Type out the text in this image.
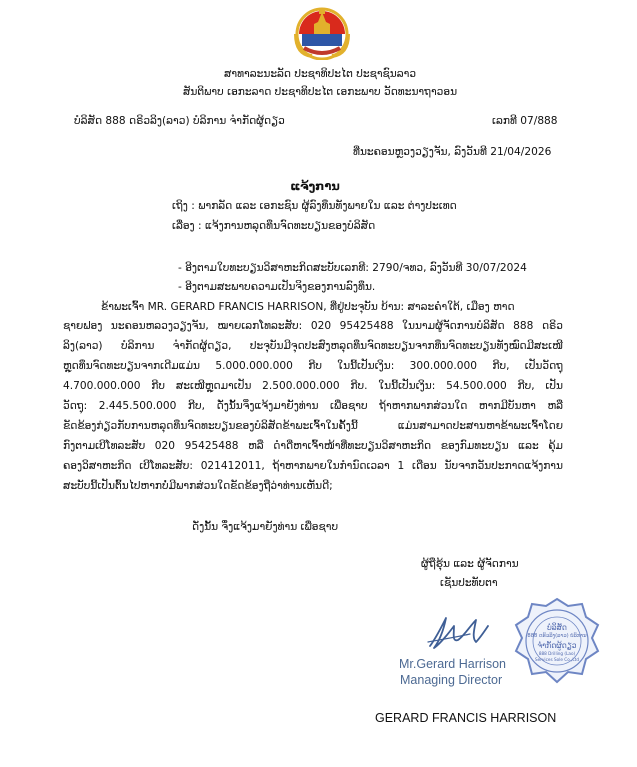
ສາທາລະນະລັດ ປະຊາທິປະໄຕ ປະຊາຊົນລາວ
ສັນຕິພາບ ເອກະລາດ ປະຊາທິປະໄຕ ເອກະພາບ ວັດທະນາຖາວອນ
ບໍລິສັດ 888 ດຣິວລິງ(ລາວ) ບໍລິການ ຈຳກັດຜູ້ດຽວ	ເລກທີ 07/888
ທີ່ນະຄອນຫຼວງວຽງຈັນ, ລົງວັນທີ 21/04/2026
ແຈ້ງການ
ເຖິງ : ພາກລັດ ແລະ ເອກະຊົນ ຜູ້ລົງທຶນທັງພາຍໃນ ແລະ ຕ່າງປະເທດ
ເລື່ອງ : ແຈ້ງການຫລຸດທຶນຈົດທະບຽນຂອງບໍລິສັດ
- ອີງຕາມໃບທະບຽນວິສາຫະກິດສະບັບເລກທີ: 2790/ຈທວ, ລົງວັນທີ 30/07/2024
- ອີງຕາມສະພາບຄວາມເປັນຈິງຂອງການລົງທຶນ.
ຂ້າພະເຈົ້າ MR. GERARD FRANCIS HARRISON, ທີ່ຢູ່ປະຈຸບັນ ບ້ານ: ສາລະຄຳໃຕ້, ເມືອງ ຫາດ
ຊາຍຟອງ ນະຄອນຫລວງວຽງຈັນ, ໝາຍເລກໂທລະສັບ: 020 95425488 ໃນນາມຜູ້ຈັດການບໍລິສັດ 888 ດຣິວ
ລິງ(ລາວ) ບໍລິການ ຈຳກັດຜູ້ດຽວ, ປະຈຸບັນມີຈຸດປະສົງຫລຸດທຶນຈົດທະບຽນຈາກທຶນຈົດທະບຽນທັງໝົດມີສະເໜີ
ຫຼຸດທຶນຈົດທະບຽນຈາກເດີມແມ່ນ 5.000.000.000 ກີບ ໃນນີ້ເປັນເງິນ: 300.000.000 ກີບ, ເປັນວັດຖຸ
4.700.000.000 ກີບ ສະເໜີຫຼຸດມາເປັນ 2.500.000.000 ກີບ. ໃນນີ້ເປັນເງິນ: 54.500.000 ກີບ, ເປັນ
ວັດຖຸ: 2.445.500.000 ກີບ, ດັ່ງນັ້ນຈິ່ງແຈ້ງມາຍັງທ່ານ ເພື່ອຊາບ ຖ້າຫາກພາກສ່ວນໃດ ຫາກມີບັນຫາ ຫລື
ຂັດຂ້ອງກ່ຽວກັບການຫລຸດທຶນຈົດທະບຽນຂອງບໍລິສັດຂ້າພະເຈົ້າໃນຄັ້ງນີ້ ແມ່ນສາມາດປະສານຫາຂ້າພະເຈົ້າໂດຍ
ກົງຕາມເບີໂທລະສັບ 020 95425488 ຫລື ດຳດີ່ຫາເຈົ້າໜ້າທີ່ທະບຽນວິສາຫະກິດ ຂອງກົມທະບຽນ ແລະ ຄຸ້ມ
ຄອງວິສາຫະກິດ ເບີໂທລະສັບ: 021412011, ຖ້າຫາກພາຍໃນກຳນົດເວລາ 1 ເດືອນ ນັບຈາກວັນປະກາດແຈ້ງການ
ສະບັບນີ້ເປັນຕົ້ນໄປຫາກບໍ່ມີພາກສ່ວນໃດຂັດຂ້ອງຖືວ່າທ່ານເຫັນດີ;
ດັ່ງນັ້ນ ຈຶ່ງແຈ້ງມາຍັງທ່ານ ເພື່ອຊາບ
ຜູ້ຖືຮຸ້ນ ແລະ ຜູ້ຈັດການ
ເຊັນປະທັບຕາ
Mr.Gerard Harrison
Managing Director
ບໍລິສັດ
888 ດຣິວລິງ(ລາວ) ບໍລິການ
ຈຳກັດຜູ້ດຽວ
888 Drilling (Lao) Services Sole Co.,Ltd
GERARD FRANCIS HARRISON
